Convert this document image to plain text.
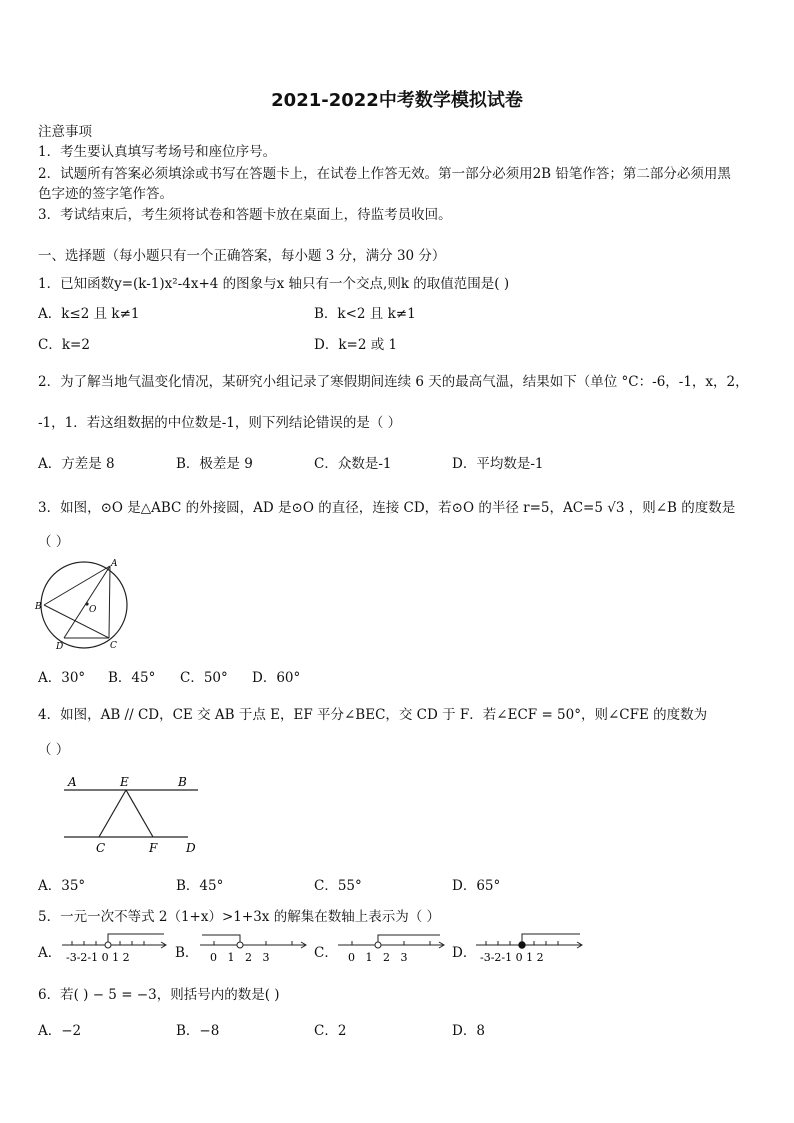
2021-2022中考数学模拟试卷
注意事项
1．考生要认真填写考场号和座位序号。
2．试题所有答案必须填涂或书写在答题卡上，在试卷上作答无效。第一部分必须用2B 铅笔作答；第二部分必须用黑
色字迹的签字笔作答。
3．考试结束后，考生须将试卷和答题卡放在桌面上，待监考员收回。
一、选择题（每小题只有一个正确答案，每小题 3 分，满分 30 分）
1．已知函数y=(k-1)x²-4x+4 的图象与x 轴只有一个交点,则k 的取值范围是( )
A．k≤2 且 k≠1	B．k<2 且 k≠1
C．k=2	D．k=2 或 1
2．为了解当地气温变化情况，某研究小组记录了寒假期间连续 6 天的最高气温，结果如下（单位 °C：-6，-1，x，2，
-1，1．若这组数据的中位数是-1，则下列结论错误的是（ ）
A．方差是 8	B．极差是 9	C．众数是-1	D．平均数是-1
3．如图，⊙O 是△ABC 的外接圆，AD 是⊙O 的直径，连接 CD，若⊙O 的半径 r=5，AC=5 √3 ，则∠B 的度数是
（ ）
A
B
C
D
O
A．30° B．45° C．50° D．60°
4．如图，AB // CD，CE 交 AB 于点 E，EF 平分∠BEC，交 CD 于 F．若∠ECF = 50°，则∠CFE 的度数为
（ ）
A	E	B
C	F D
A．35°	B．45°	C．55°	D．65°
5．一元一次不等式 2（1+x）>1+3x 的解集在数轴上表示为（ ）
A． -3-2-1 0 1 2	B． 0   1   2   3	C． 0   1   2   3	D． -3-2-1 0 1 2
6．若( ) − 5 = −3，则括号内的数是( )
A．−2	B．−8	C．2	D．8
